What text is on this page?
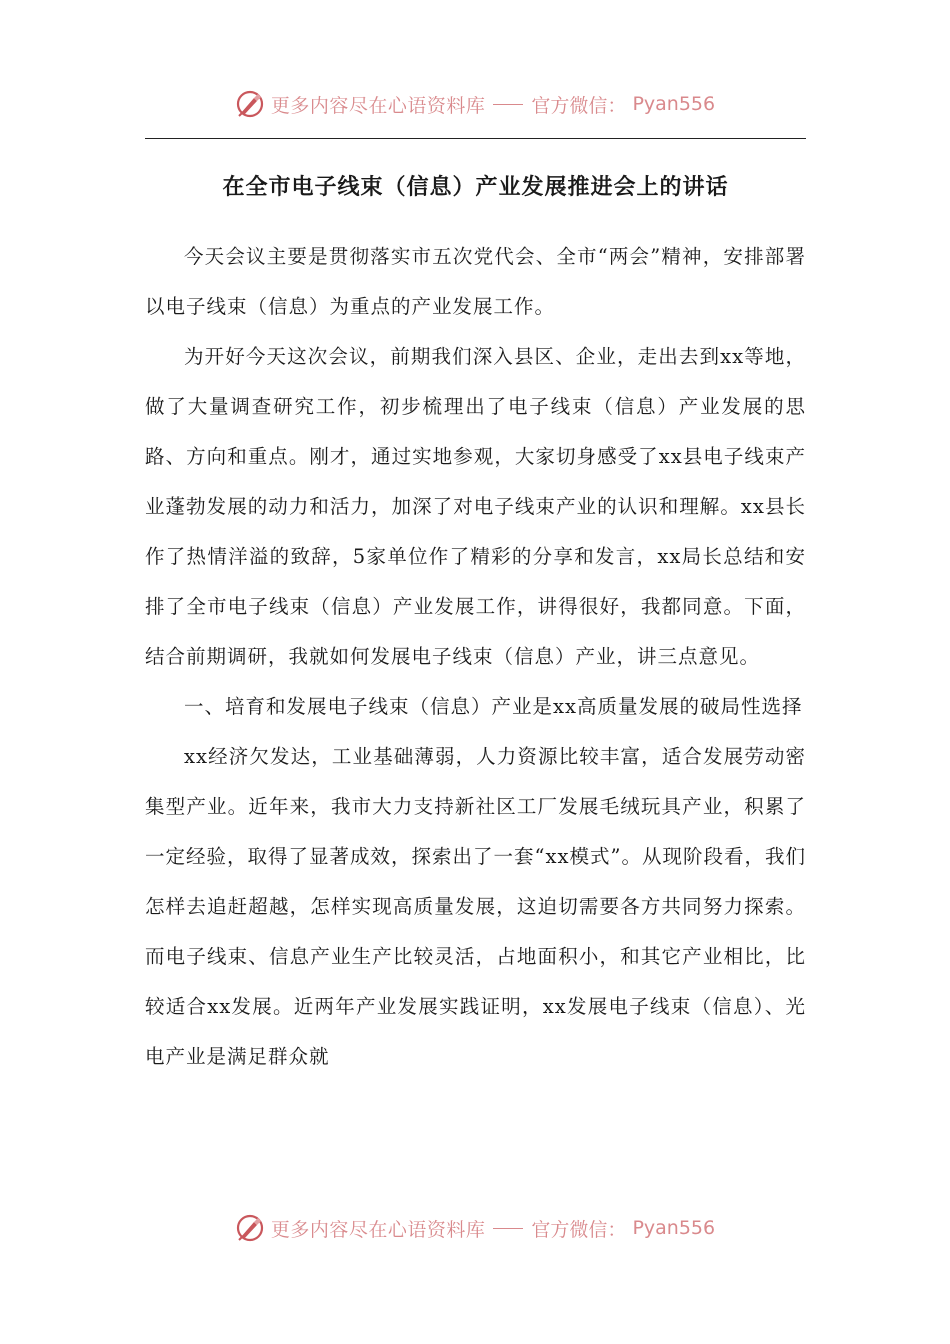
更多内容尽在心语资料库 官方微信： Pyan556
在全市电子线束（信息）产业发展推进会上的讲话

今天会议主要是贯彻落实市五次党代会、全市“两会”精神，安排部署以电子线束（信息）为重点的产业发展工作。

为开好今天这次会议，前期我们深入县区、企业，走出去到xx等地，做了大量调查研究工作，初步梳理出了电子线束（信息）产业发展的思路、方向和重点。刚才，通过实地参观，大家切身感受了xx县电子线束产业蓬勃发展的动力和活力，加深了对电子线束产业的认识和理解。xx县长作了热情洋溢的致辞，5家单位作了精彩的分享和发言，xx局长总结和安排了全市电子线束（信息）产业发展工作，讲得很好，我都同意。下面，结合前期调研，我就如何发展电子线束（信息）产业，讲三点意见。

一、培育和发展电子线束（信息）产业是xx高质量发展的破局性选择

xx经济欠发达，工业基础薄弱，人力资源比较丰富，适合发展劳动密集型产业。近年来，我市大力支持新社区工厂发展毛绒玩具产业，积累了一定经验，取得了显著成效，探索出了一套“xx模式”。从现阶段看，我们怎样去追赶超越，怎样实现高质量发展，这迫切需要各方共同努力探索。而电子线束、信息产业生产比较灵活，占地面积小，和其它产业相比，比较适合xx发展。近两年产业发展实践证明，xx发展电子线束（信息）、光电产业是满足群众就

更多内容尽在心语资料库 官方微信： Pyan556
